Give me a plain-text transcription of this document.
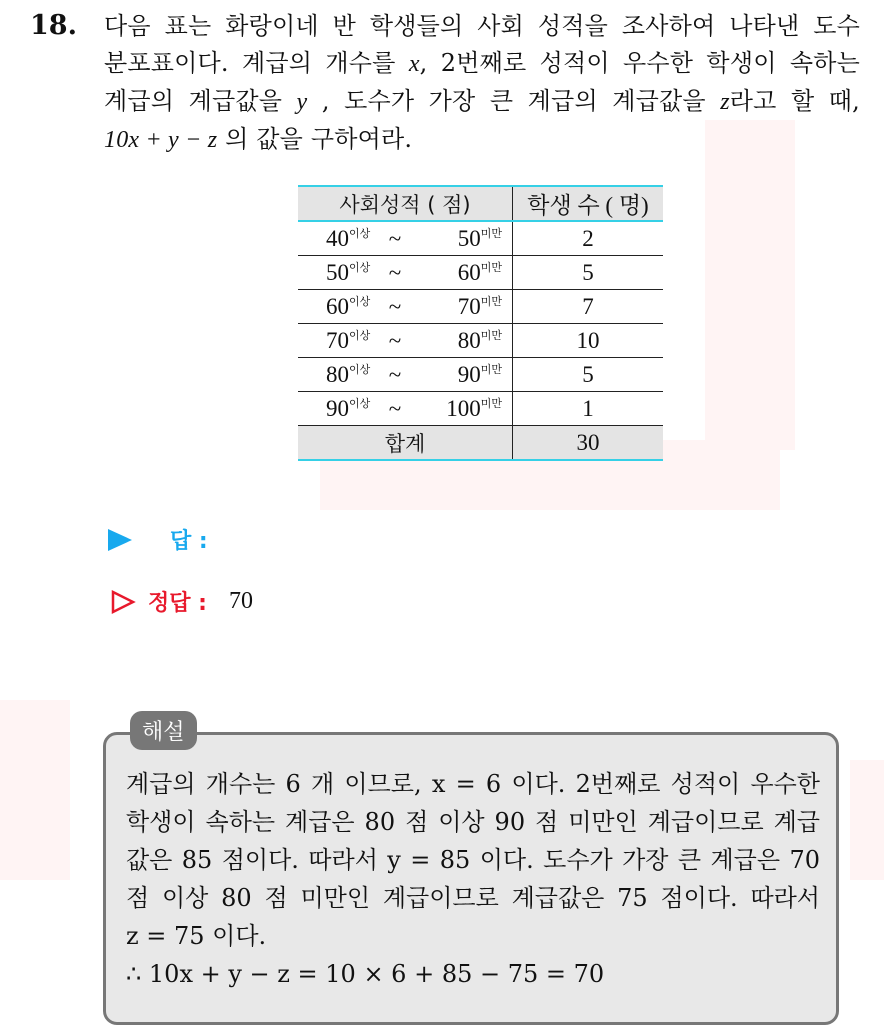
18. 다음 표는 화랑이네 반 학생들의 사회 성적을 조사하여 나타낸 도수
분포표이다. 계급의 개수를 x, 2번째로 성적이 우수한 학생이 속하는
계급의 계급값을 y , 도수가 가장 큰 계급의 계급값을 z라고 할 때,
10x + y − z 의 값을 구하여라.
사회성적 ( 점)	학생 수 ( 명)

$40^{이상}$ ~ $50^{미만}$	2

$50^{이상}$ ~ $60^{미만}$	5

$60^{이상}$ ~ $70^{미만}$	7

$70^{이상}$ ~ $80^{미만}$	10

$80^{이상}$ ~ $90^{미만}$	5

$90^{이상}$ ~ $100^{미만}$	1
합계	30
답 :
정답 : 70
해설
계급의 개수는 6 개 이므로, x = 6 이다. 2번째로 성적이 우수한
학생이 속하는 계급은 80 점 이상 90 점 미만인 계급이므로 계급
값은 85 점이다. 따라서 y = 85 이다. 도수가 가장 큰 계급은 70
점 이상 80 점 미만인 계급이므로 계급값은 75 점이다. 따라서
z = 75 이다.
∴ 10x + y − z = 10 × 6 + 85 − 75 = 70
